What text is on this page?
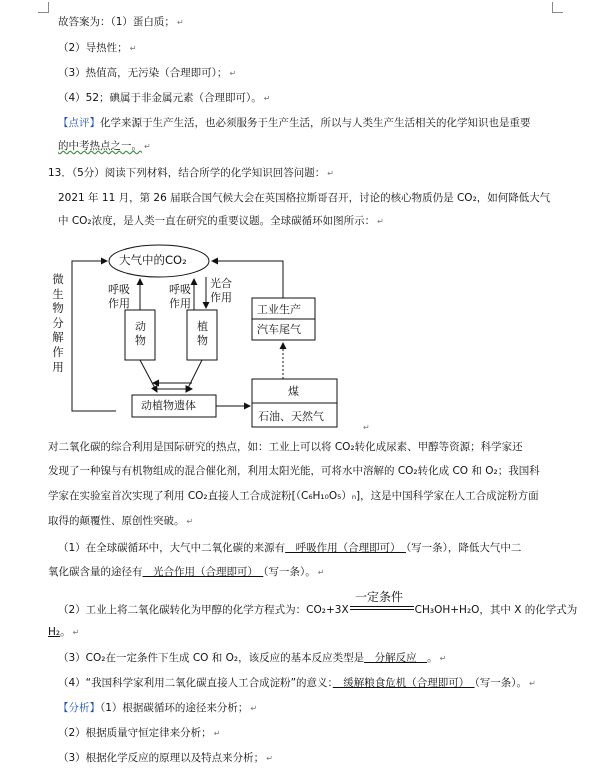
故答案为：（1）蛋白质； ↵
（2）导热性； ↵
（3）热值高，无污染（合理即可）； ↵
（4）52；碘属于非金属元素（合理即可）。 ↵
【点评】化学来源于生产生活，也必须服务于生产生活，所以与人类生产生活相关的化学知识也是重要
的中考热点之一。 ↵
13．（5分）阅读下列材料，结合所学的化学知识回答问题： ↵
2021 年 11 月，第 26 届联合国气候大会在英国格拉斯哥召开，讨论的核心物质仍是 CO₂，如何降低大气
中 CO₂浓度，是人类一直在研究的重要议题。全球碳循环如图所示： ↵
大气中的CO₂
微生物分解作用
呼吸
作用
呼吸
作用
光合
作用
动物
植物
工业生产
汽车尾气
动植物遗体
煤
石油、天然气
↵
对二氧化碳的综合利用是国际研究的热点，如：工业上可以将 CO₂转化成尿素、甲醇等资源；科学家还
发现了一种镍与有机物组成的混合催化剂，利用太阳光能，可将水中溶解的 CO₂转化成 CO 和 O₂；我国科
学家在实验室首次实现了利用 CO₂直接人工合成淀粉[（C₆H₁₀O₅）ₙ]，这是中国科学家在人工合成淀粉方面
取得的颠覆性、原创性突破。 ↵
（1）在全球碳循环中，大气中二氧化碳的来源有　呼吸作用（合理即可）　（写一条），降低大气中二
氧化碳含量的途径有　光合作用（合理即可）　（写一条）。 ↵
（2）工业上将二氧化碳转化为甲醇的化学方程式为：CO₂+3X	CH₃OH+H₂O，其中 X 的化学式为
一定条件
H₂。 ↵
（3）CO₂在一定条件下生成 CO 和 O₂，该反应的基本反应类型是　分解反应　。 ↵
（4）“我国科学家利用二氧化碳直接人工合成淀粉”的意义：　缓解粮食危机（合理即可）　（写一条）。 ↵
【分析】（1）根据碳循环的途径来分析； ↵
（2）根据质量守恒定律来分析； ↵
（3）根据化学反应的原理以及特点来分析； ↵
